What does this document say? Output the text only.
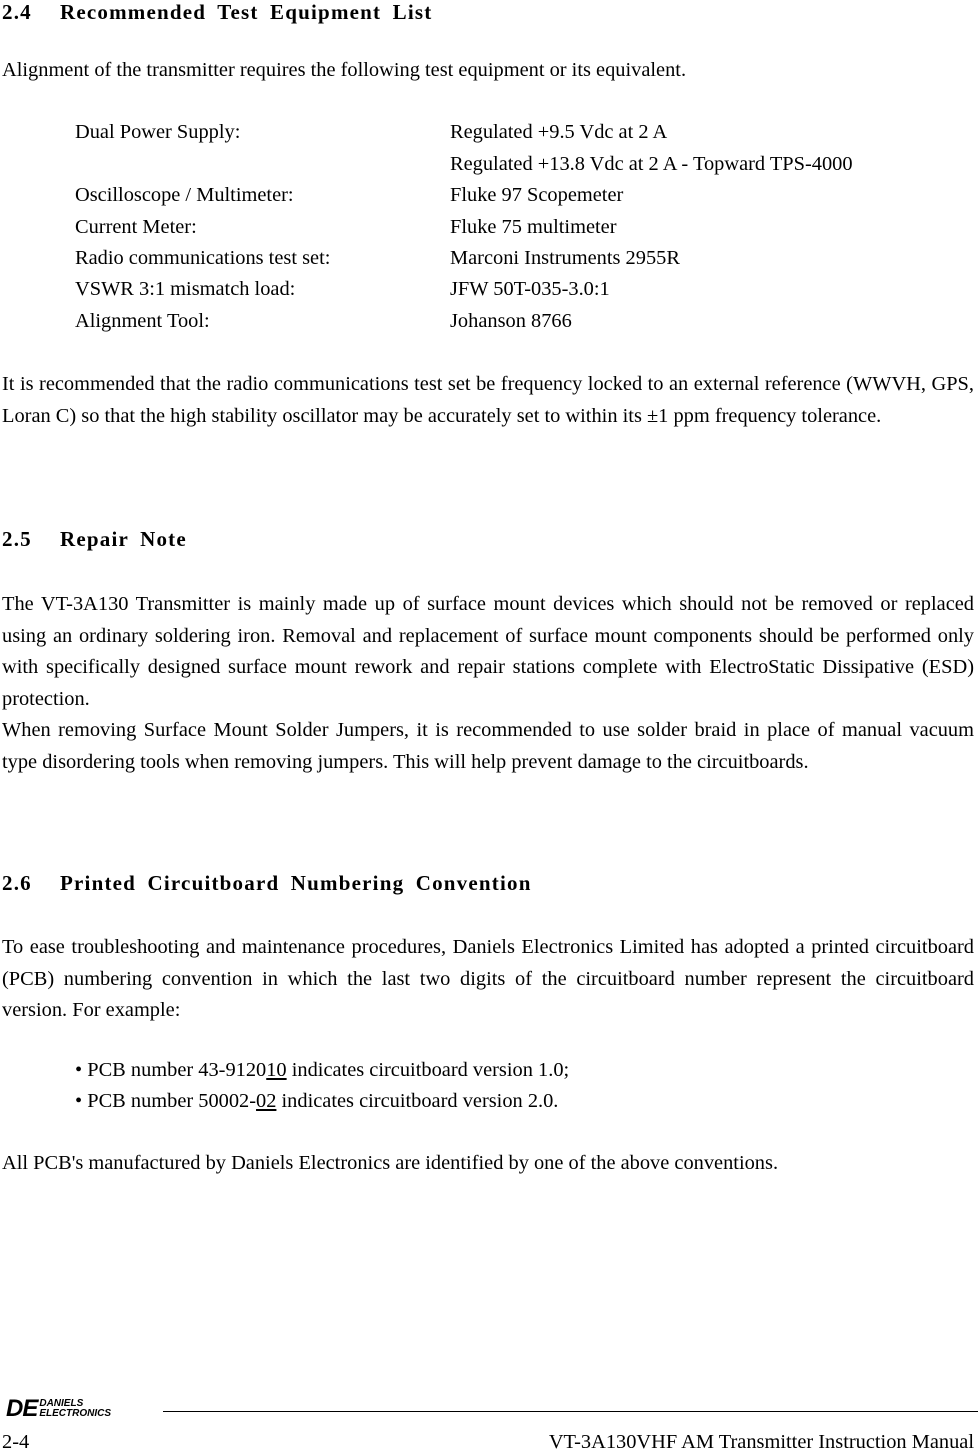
2.4 Recommended Test Equipment List
Alignment of the transmitter requires the following test equipment or its equivalent.
Dual Power Supply:	Regulated +9.5 Vdc at 2 A
Regulated +13.8 Vdc at 2 A - Topward TPS-4000
Oscilloscope / Multimeter:	Fluke 97 Scopemeter
Current Meter:	Fluke 75 multimeter
Radio communications test set:	Marconi Instruments 2955R
VSWR 3:1 mismatch load:	JFW 50T-035-3.0:1
Alignment Tool:	Johanson 8766
It is recommended that the radio communications test set be frequency locked to an external reference (WWVH, GPS, Loran C) so that the high stability oscillator may be accurately set to within its ±1 ppm frequency tolerance.
2.5 Repair Note
The VT-3A130 Transmitter is mainly made up of surface mount devices which should not be removed or replaced using an ordinary soldering iron. Removal and replacement of surface mount components should be performed only with specifically designed surface mount rework and repair stations complete with ElectroStatic Dissipative (ESD) protection.
When removing Surface Mount Solder Jumpers, it is recommended to use solder braid in place of manual vacuum type disordering tools when removing jumpers. This will help prevent damage to the circuitboards.
2.6 Printed Circuitboard Numbering Convention
To ease troubleshooting and maintenance procedures, Daniels Electronics Limited has adopted a printed circuitboard (PCB) numbering convention in which the last two digits of the circuitboard number represent the circuitboard version. For example:
• PCB number 43-912010 indicates circuitboard version 1.0;
• PCB number 50002-02 indicates circuitboard version 2.0.
All PCB's manufactured by Daniels Electronics are identified by one of the above conventions.
DE DANIELS
ELECTRONICS
2-4	VT-3A130VHF AM Transmitter Instruction Manual
